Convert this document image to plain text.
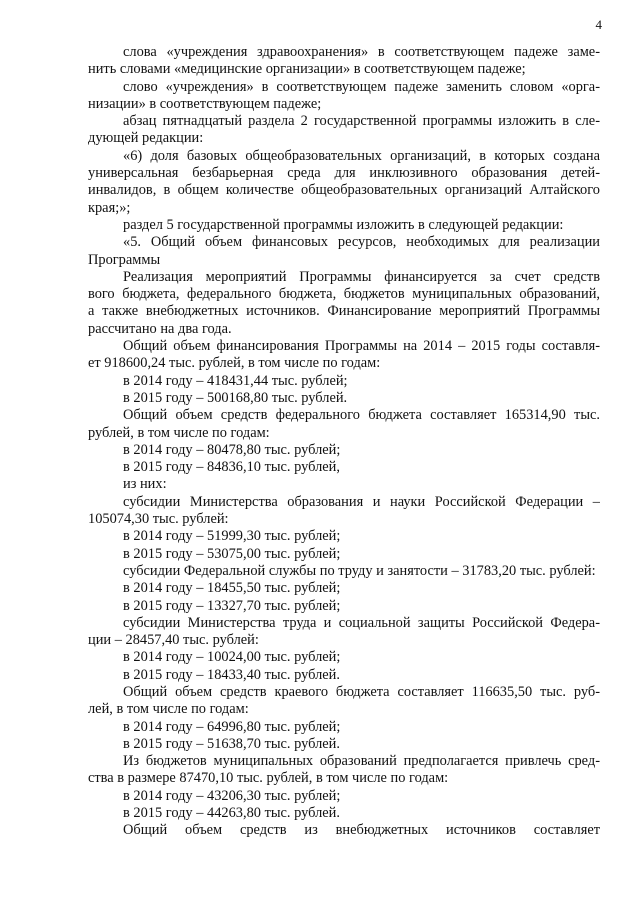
4
слова «учреждения здравоохранения» в соответствующем падеже заме-
нить словами «медицинские организации» в соответствующем падеже;
слово «учреждения» в соответствующем падеже заменить словом «орга-
низации» в соответствующем падеже;
абзац пятнадцатый раздела 2 государственной программы изложить в сле-
дующей редакции:
«6) доля базовых общеобразовательных организаций, в которых создана
универсальная безбарьерная среда для инклюзивного образования детей-
инвалидов, в общем количестве общеобразовательных организаций Алтайского
края;»;
раздел 5 государственной программы изложить в следующей редакции:
«5. Общий объем финансовых ресурсов, необходимых для реализации
Программы
Реализация мероприятий Программы финансируется за счет средств
вого бюджета, федерального бюджета, бюджетов муниципальных образований,
а также внебюджетных источников. Финансирование мероприятий Программы
рассчитано на два года.
Общий объем финансирования Программы на 2014 – 2015 годы составля-
ет 918600,24 тыс. рублей, в том числе по годам:
в 2014 году – 418431,44 тыс. рублей;
в 2015 году – 500168,80 тыс. рублей.
Общий объем средств федерального бюджета составляет 165314,90 тыс.
рублей, в том числе по годам:
в 2014 году – 80478,80 тыс. рублей;
в 2015 году – 84836,10 тыс. рублей,
из них:
субсидии Министерства образования и науки Российской Федерации –
105074,30 тыс. рублей:
в 2014 году – 51999,30 тыс. рублей;
в 2015 году – 53075,00 тыс. рублей;
субсидии Федеральной службы по труду и занятости – 31783,20 тыс. рублей:
в 2014 году – 18455,50 тыс. рублей;
в 2015 году – 13327,70 тыс. рублей;
субсидии Министерства труда и социальной защиты Российской Федера-
ции – 28457,40 тыс. рублей:
в 2014 году – 10024,00 тыс. рублей;
в 2015 году – 18433,40 тыс. рублей.
Общий объем средств краевого бюджета составляет 116635,50 тыс. руб-
лей, в том числе по годам:
в 2014 году – 64996,80 тыс. рублей;
в 2015 году – 51638,70 тыс. рублей.
Из бюджетов муниципальных образований предполагается привлечь сред-
ства в размере 87470,10 тыс. рублей, в том числе по годам:
в 2014 году – 43206,30 тыс. рублей;
в 2015 году – 44263,80 тыс. рублей.
Общий объем средств из внебюджетных источников составляет
